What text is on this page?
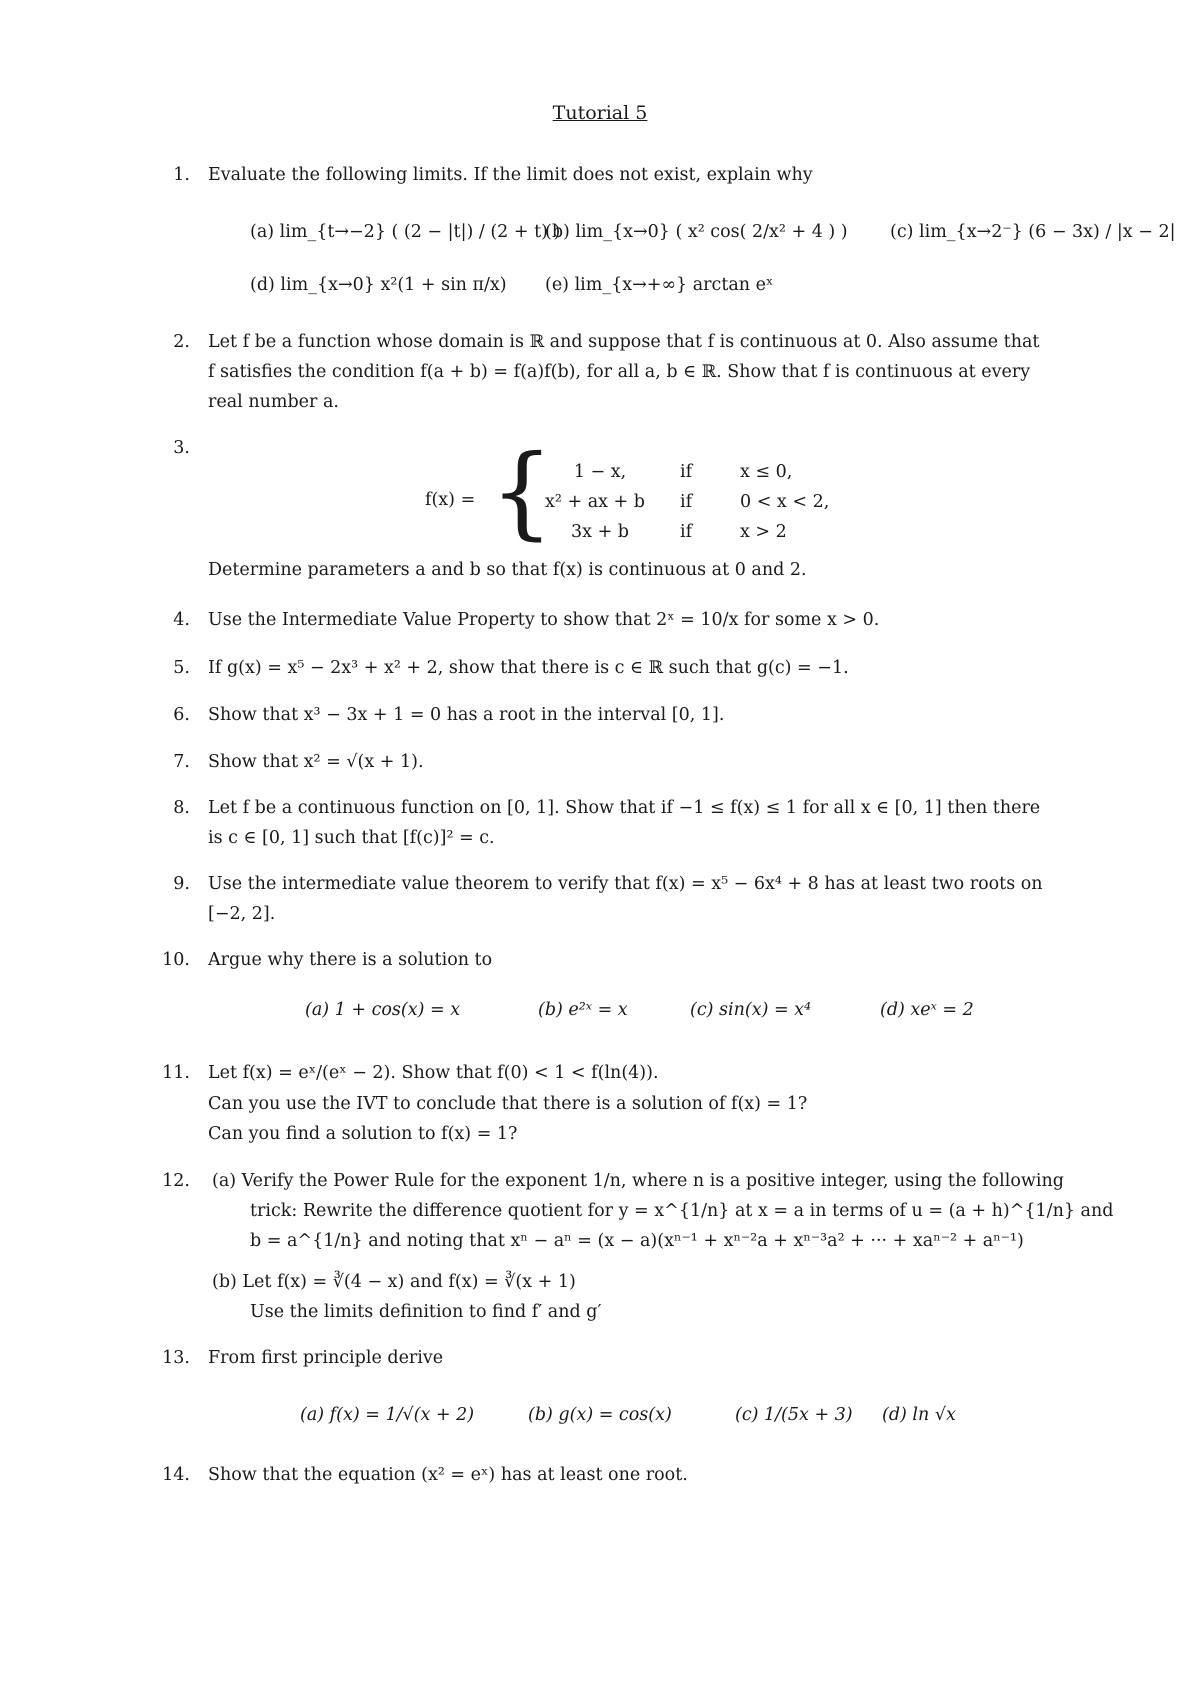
Tutorial 5
1. Evaluate the following limits. If the limit does not exist, explain why
(a) lim_{t→−2} ( (2 − |t|) / (2 + t) )
(b) lim_{x→0} ( x² cos( 2/x² + 4 ) ) (c) lim_{x→2⁻} (6 − 3x) / |x − 2|
(d) lim_{x→0} x²(1 + sin π/x) (e) lim_{x→+∞} arctan eˣ
2. Let f be a function whose domain is ℝ and suppose that f is continuous at 0. Also assume that
f satisfies the condition f(a + b) = f(a)f(b), for all a, b ∈ ℝ. Show that f is continuous at every
real number a.
3.
f(x) = {	1 − x,	if	x ≤ 0,
x² + ax + b	if	0 < x < 2,
3x + b	if	x > 2
Determine parameters a and b so that f(x) is continuous at 0 and 2.
4. Use the Intermediate Value Property to show that 2ˣ = 10/x for some x > 0.
5. If g(x) = x⁵ − 2x³ + x² + 2, show that there is c ∈ ℝ such that g(c) = −1.
6. Show that x³ − 3x + 1 = 0 has a root in the interval [0, 1].
7. Show that x² = √(x + 1).
8. Let f be a continuous function on [0, 1]. Show that if −1 ≤ f(x) ≤ 1 for all x ∈ [0, 1] then there
is c ∈ [0, 1] such that [f(c)]² = c.
9. Use the intermediate value theorem to verify that f(x) = x⁵ − 6x⁴ + 8 has at least two roots on
[−2, 2].
10. Argue why there is a solution to
(a) 1 + cos(x) = x	(b) e²ˣ = x	(c) sin(x) = x⁴	(d) xeˣ = 2
11. Let f(x) = eˣ/(eˣ − 2). Show that f(0) < 1 < f(ln(4)).
Can you use the IVT to conclude that there is a solution of f(x) = 1?
Can you find a solution to f(x) = 1?
12. (a) Verify the Power Rule for the exponent 1/n, where n is a positive integer, using the following
trick: Rewrite the difference quotient for y = x^{1/n} at x = a in terms of u = (a + h)^{1/n} and
b = a^{1/n} and noting that xⁿ − aⁿ = (x − a)(xⁿ⁻¹ + xⁿ⁻²a + xⁿ⁻³a² + ··· + xaⁿ⁻² + aⁿ⁻¹)
(b) Let f(x) = ∛(4 − x) and f(x) = ∛(x + 1)
Use the limits definition to find f′ and g′
13. From first principle derive
(a) f(x) = 1/√(x + 2)	(b) g(x) = cos(x)	(c) 1/(5x + 3) (d) ln √x
14. Show that the equation (x² = eˣ) has at least one root.
